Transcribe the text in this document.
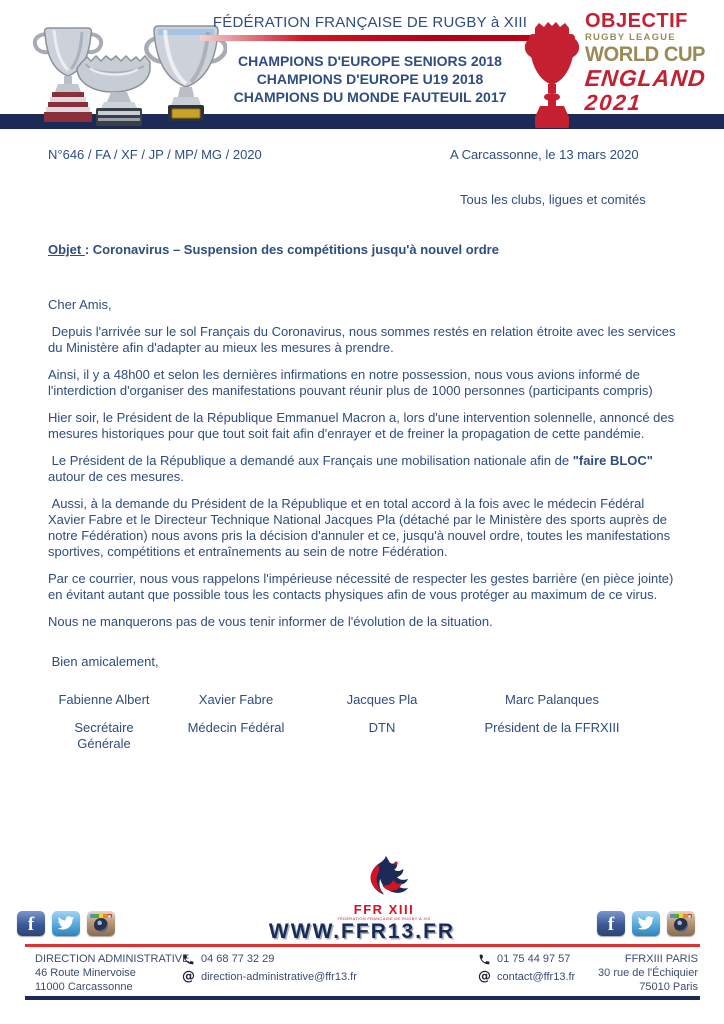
FÉDÉRATION FRANÇAISE DE RUGBY à XIII
CHAMPIONS D'EUROPE SENIORS 2018
CHAMPIONS D'EUROPE U19 2018
CHAMPIONS DU MONDE FAUTEUIL 2017
OBJECTIF
RUGBY LEAGUE
WORLD CUP
ENGLAND
2021
N°646 / FA / XF / JP / MP/ MG / 2020	A Carcassonne, le 13 mars 2020
Tous les clubs, ligues et comités
Objet : Coronavirus – Suspension des compétitions jusqu'à nouvel ordre
Cher Amis,

Depuis l'arrivée sur le sol Français du Coronavirus, nous sommes restés en relation étroite avec les services du Ministère afin d'adapter au mieux les mesures à prendre.

Ainsi, il y a 48h00 et selon les dernières infirmations en notre possession, nous vous avions informé de l'interdiction d'organiser des manifestations pouvant réunir plus de 1000 personnes (participants compris)

Hier soir, le Président de la République Emmanuel Macron a, lors d'une intervention solennelle, annoncé des mesures historiques pour que tout soit fait afin d'enrayer et de freiner la propagation de cette pandémie.

Le Président de la République a demandé aux Français une mobilisation nationale afin de "faire BLOC" autour de ces mesures.

Aussi, à la demande du Président de la République et en total accord à la fois avec le médecin Fédéral Xavier Fabre et le Directeur Technique National Jacques Pla (détaché par le Ministère des sports auprès de notre Fédération) nous avons pris la décision d'annuler et ce, jusqu'à nouvel ordre, toutes les manifestations sportives, compétitions et entraînements au sein de notre Fédération.

Par ce courrier, nous vous rappelons l'impérieuse nécessité de respecter les gestes barrière (en pièce jointe) en évitant autant que possible tous les contacts physiques afin de vous protéger au maximum de ce virus.

Nous ne manquerons pas de vous tenir informer de l'évolution de la situation.

Bien amicalement,

Fabienne Albert
Secrétaire Générale
Xavier Fabre
Médecin Fédéral
Jacques Pla
DTN
Marc Palanques
Président de la FFRXIII
FFR XIII
FÉDÉRATION FRANÇAISE DE RUGBY À XIII
WWW.FFR13.FR
f	f
DIRECTION ADMINISTRATIVE
46 Route Minervoise
11000 Carcassonne
04 68 77 32 29
@ direction-administrative@ffr13.fr
01 75 44 97 57
@ contact@ffr13.fr
FFRXIII PARIS
30 rue de l'Échiquier
75010 Paris
